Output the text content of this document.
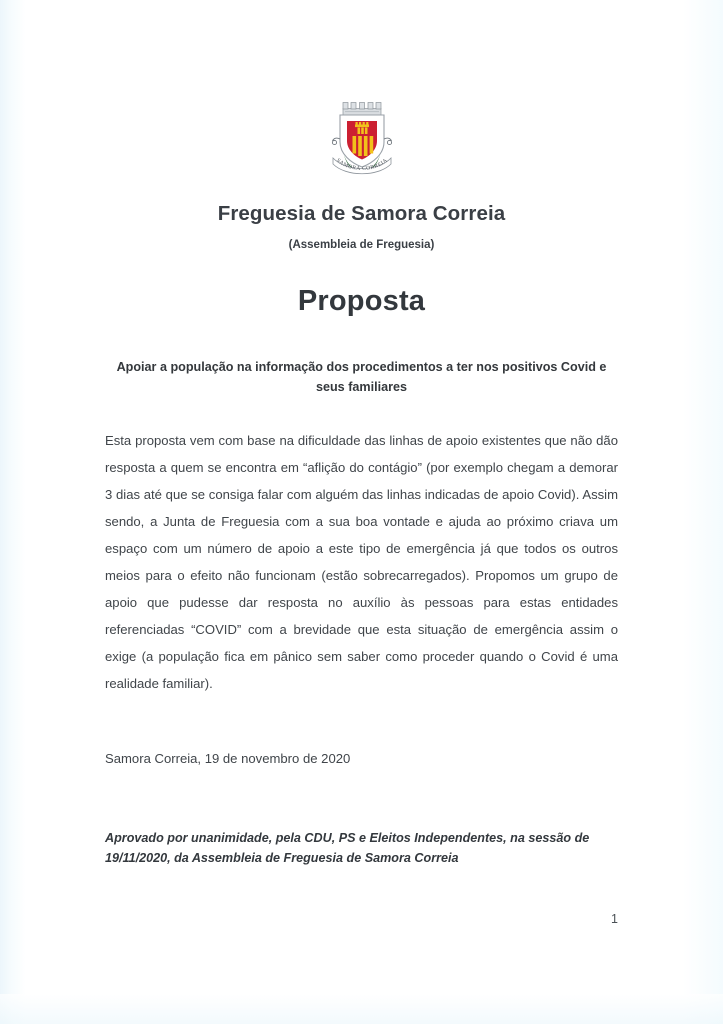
SAMORA CORREIA
Freguesia de Samora Correia
(Assembleia de Freguesia)
Proposta
Apoiar a população na informação dos procedimentos a ter nos positivos Covid e seus familiares

Esta proposta vem com base na dificuldade das linhas de apoio existentes que não dão resposta a quem se encontra em “aflição do contágio” (por exemplo chegam a demorar 3 dias até que se consiga falar com alguém das linhas indicadas de apoio Covid). Assim sendo, a Junta de Freguesia com a sua boa vontade e ajuda ao próximo criava um espaço com um número de apoio a este tipo de emergência já que todos os outros meios para o efeito não funcionam (estão sobrecarregados). Propomos um grupo de apoio que pudesse dar resposta no auxílio às pessoas para estas entidades referenciadas “COVID” com a brevidade que esta situação de emergência assim o exige (a população fica em pânico sem saber como proceder quando o Covid é uma realidade familiar).

Samora Correia, 19 de novembro de 2020
Aprovado por unanimidade, pela CDU, PS e Eleitos Independentes, na sessão de 19/11/2020, da Assembleia de Freguesia de Samora Correia
1
